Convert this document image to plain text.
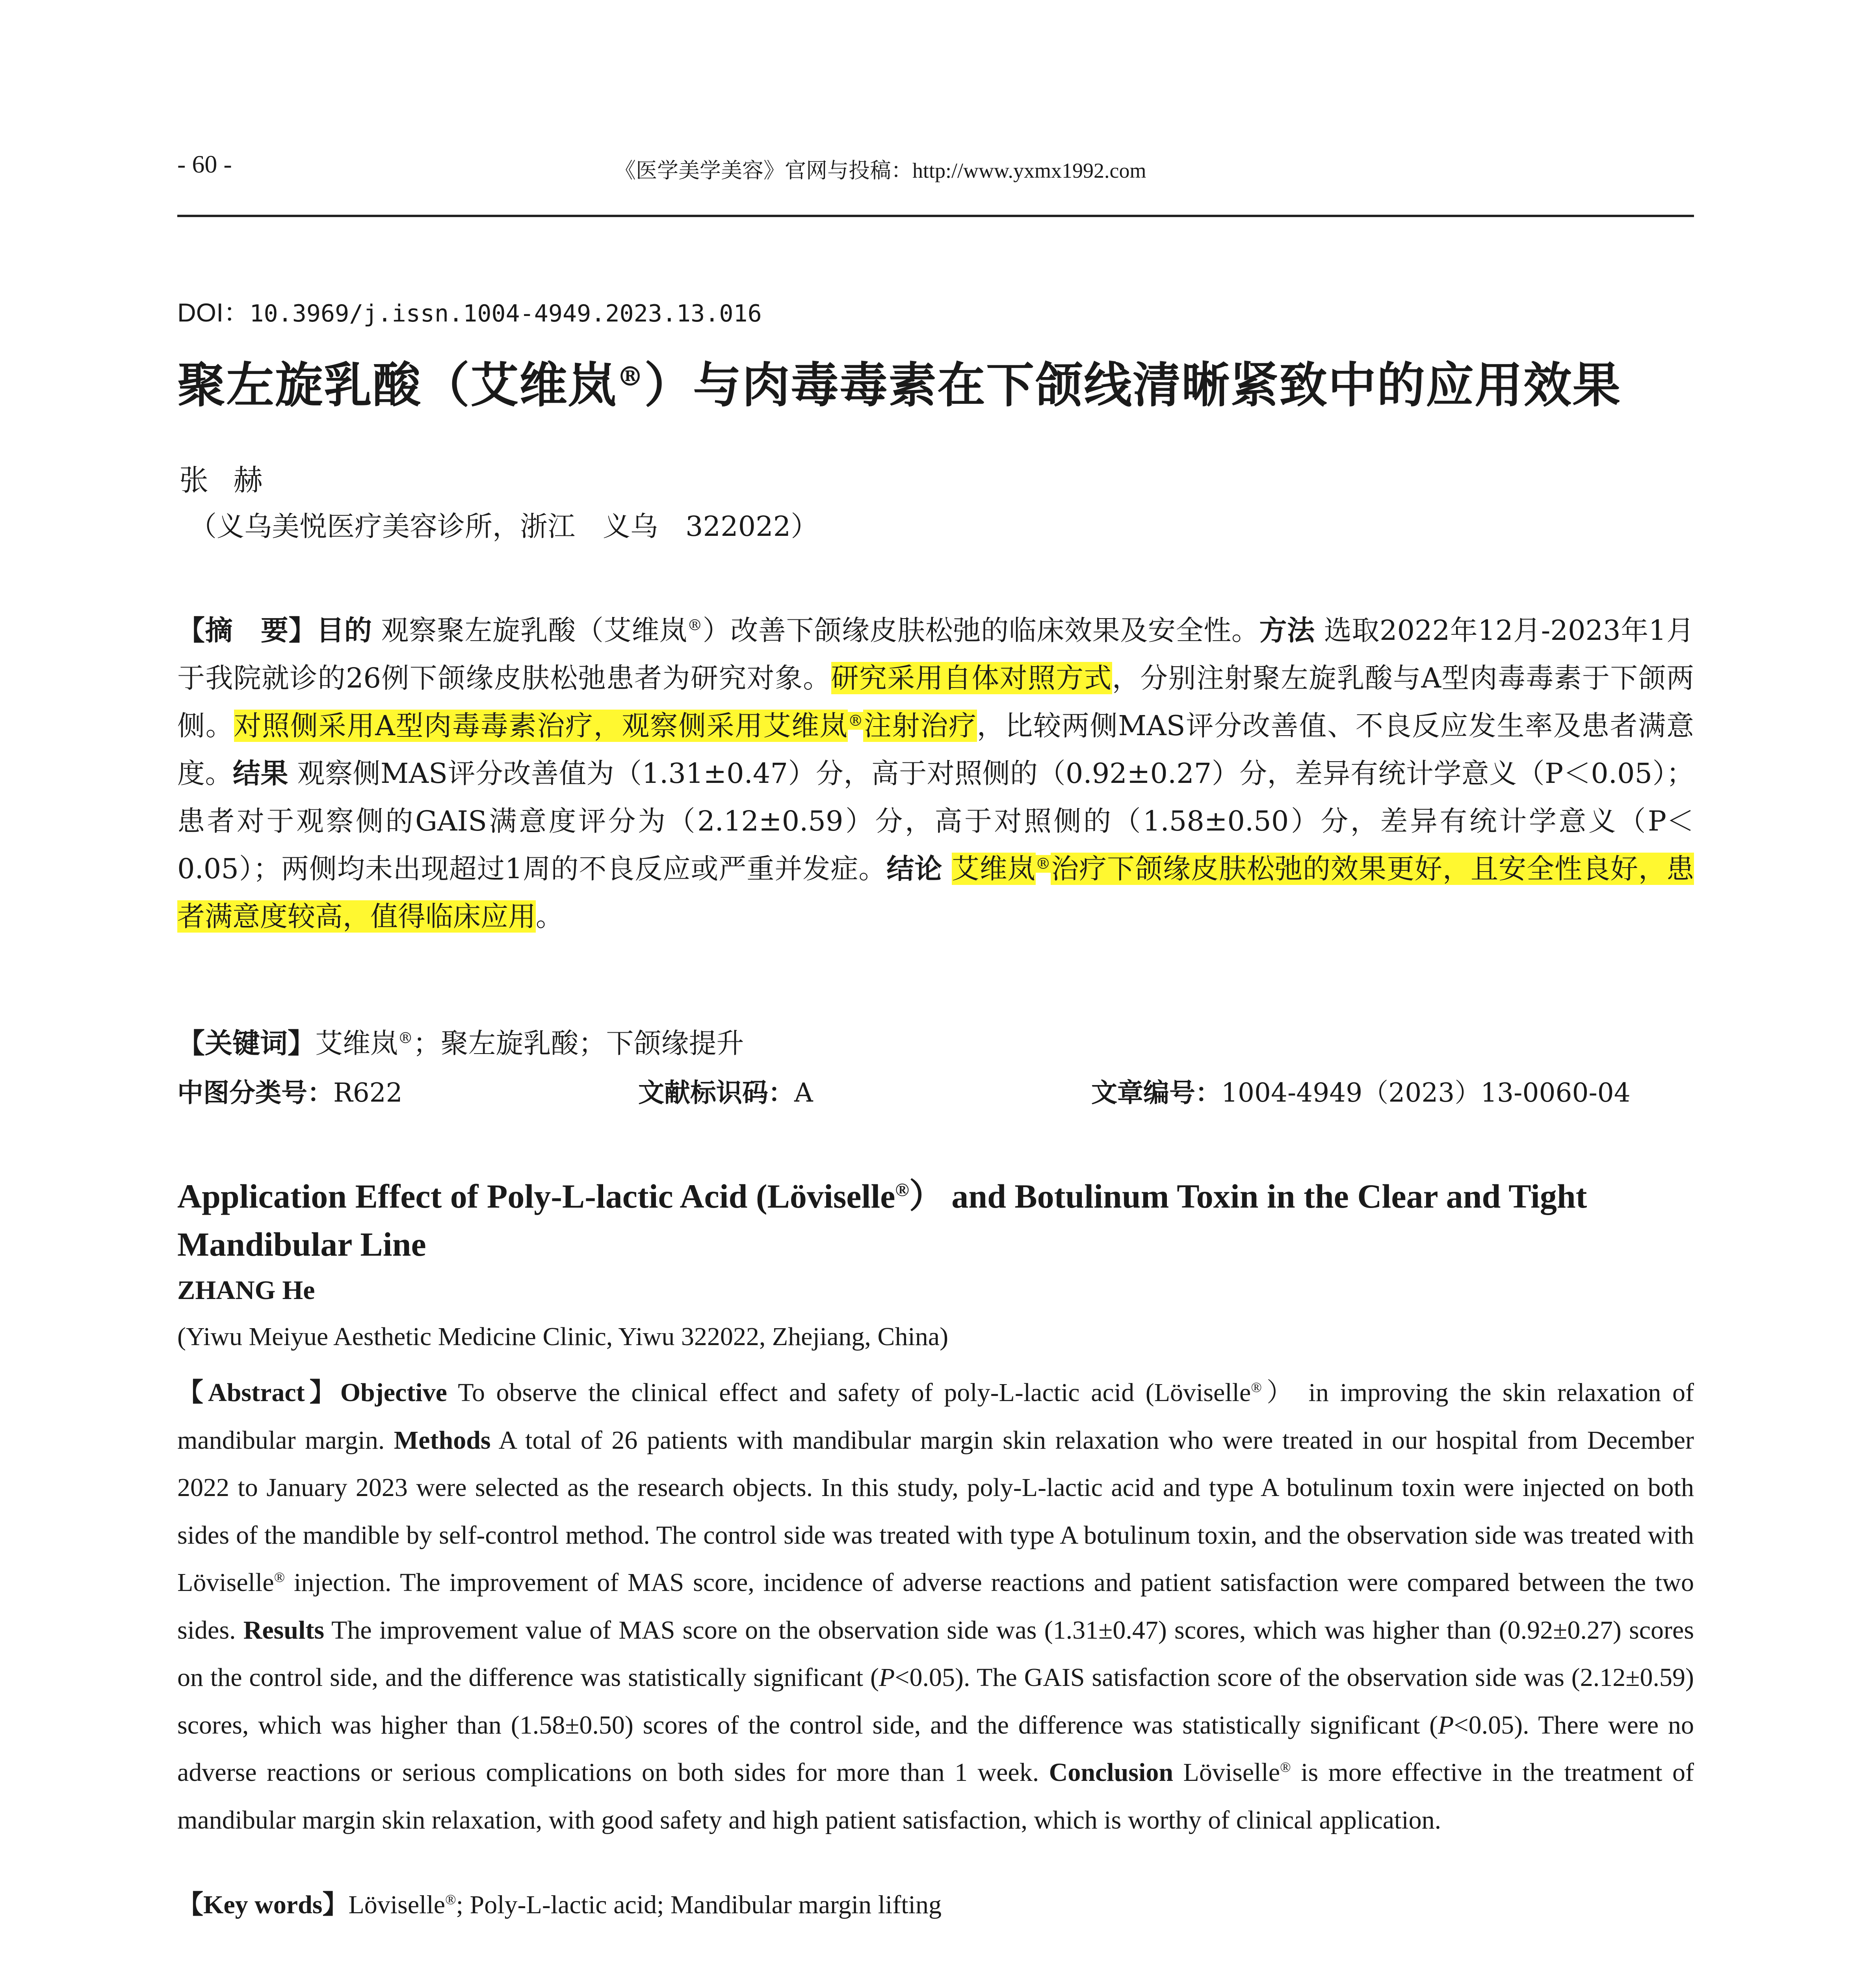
- 60 -	《医学美学美容》官网与投稿：http://www.yxmx1992.com
DOI：10.3969/j.issn.1004-4949.2023.13.016
聚左旋乳酸（艾维岚®）与肉毒毒素在下颌线清晰紧致中的应用效果
张 赫
（义乌美悦医疗美容诊所，浙江　义乌　322022）
【摘　要】目的 观察聚左旋乳酸（艾维岚®）改善下颌缘皮肤松弛的临床效果及安全性。方法 选取2022年12月-2023年1月于我院就诊的26例下颌缘皮肤松弛患者为研究对象。研究采用自体对照方式，分别注射聚左旋乳酸与A型肉毒毒素于下颌两侧。对照侧采用A型肉毒毒素治疗，观察侧采用艾维岚®注射治疗，比较两侧MAS评分改善值、不良反应发生率及患者满意度。结果 观察侧MAS评分改善值为（1.31±0.47）分，高于对照侧的（0.92±0.27）分，差异有统计学意义（P＜0.05）；患者对于观察侧的GAIS满意度评分为（2.12±0.59）分，高于对照侧的（1.58±0.50）分，差异有统计学意义（P＜0.05）；两侧均未出现超过1周的不良反应或严重并发症。结论 艾维岚®治疗下颌缘皮肤松弛的效果更好，且安全性良好，患者满意度较高，值得临床应用。
【关键词】艾维岚®；聚左旋乳酸；下颌缘提升
中图分类号：R622	文献标识码：A	文章编号：1004-4949（2023）13-0060-04
Application Effect of Poly-L-lactic Acid (Löviselle®） and Botulinum Toxin in the Clear and Tight Mandibular Line
ZHANG He
(Yiwu Meiyue Aesthetic Medicine Clinic, Yiwu 322022, Zhejiang, China)
【Abstract】Objective To observe the clinical effect and safety of poly-L-lactic acid (Löviselle®） in improving the skin relaxation of mandibular margin. Methods A total of 26 patients with mandibular margin skin relaxation who were treated in our hospital from December 2022 to January 2023 were selected as the research objects. In this study, poly-L-lactic acid and type A botulinum toxin were injected on both sides of the mandible by self-control method. The control side was treated with type A botulinum toxin, and the observation side was treated with Löviselle® injection. The improvement of MAS score, incidence of adverse reactions and patient satisfaction were compared between the two sides. Results The improvement value of MAS score on the observation side was (1.31±0.47) scores, which was higher than (0.92±0.27) scores on the control side, and the difference was statistically significant (P<0.05). The GAIS satisfaction score of the observation side was (2.12±0.59) scores, which was higher than (1.58±0.50) scores of the control side, and the difference was statistically significant (P<0.05). There were no adverse reactions or serious complications on both sides for more than 1 week. Conclusion Löviselle® is more effective in the treatment of mandibular margin skin relaxation, with good safety and high patient satisfaction, which is worthy of clinical application.
【Key words】Löviselle®; Poly-L-lactic acid; Mandibular margin lifting
